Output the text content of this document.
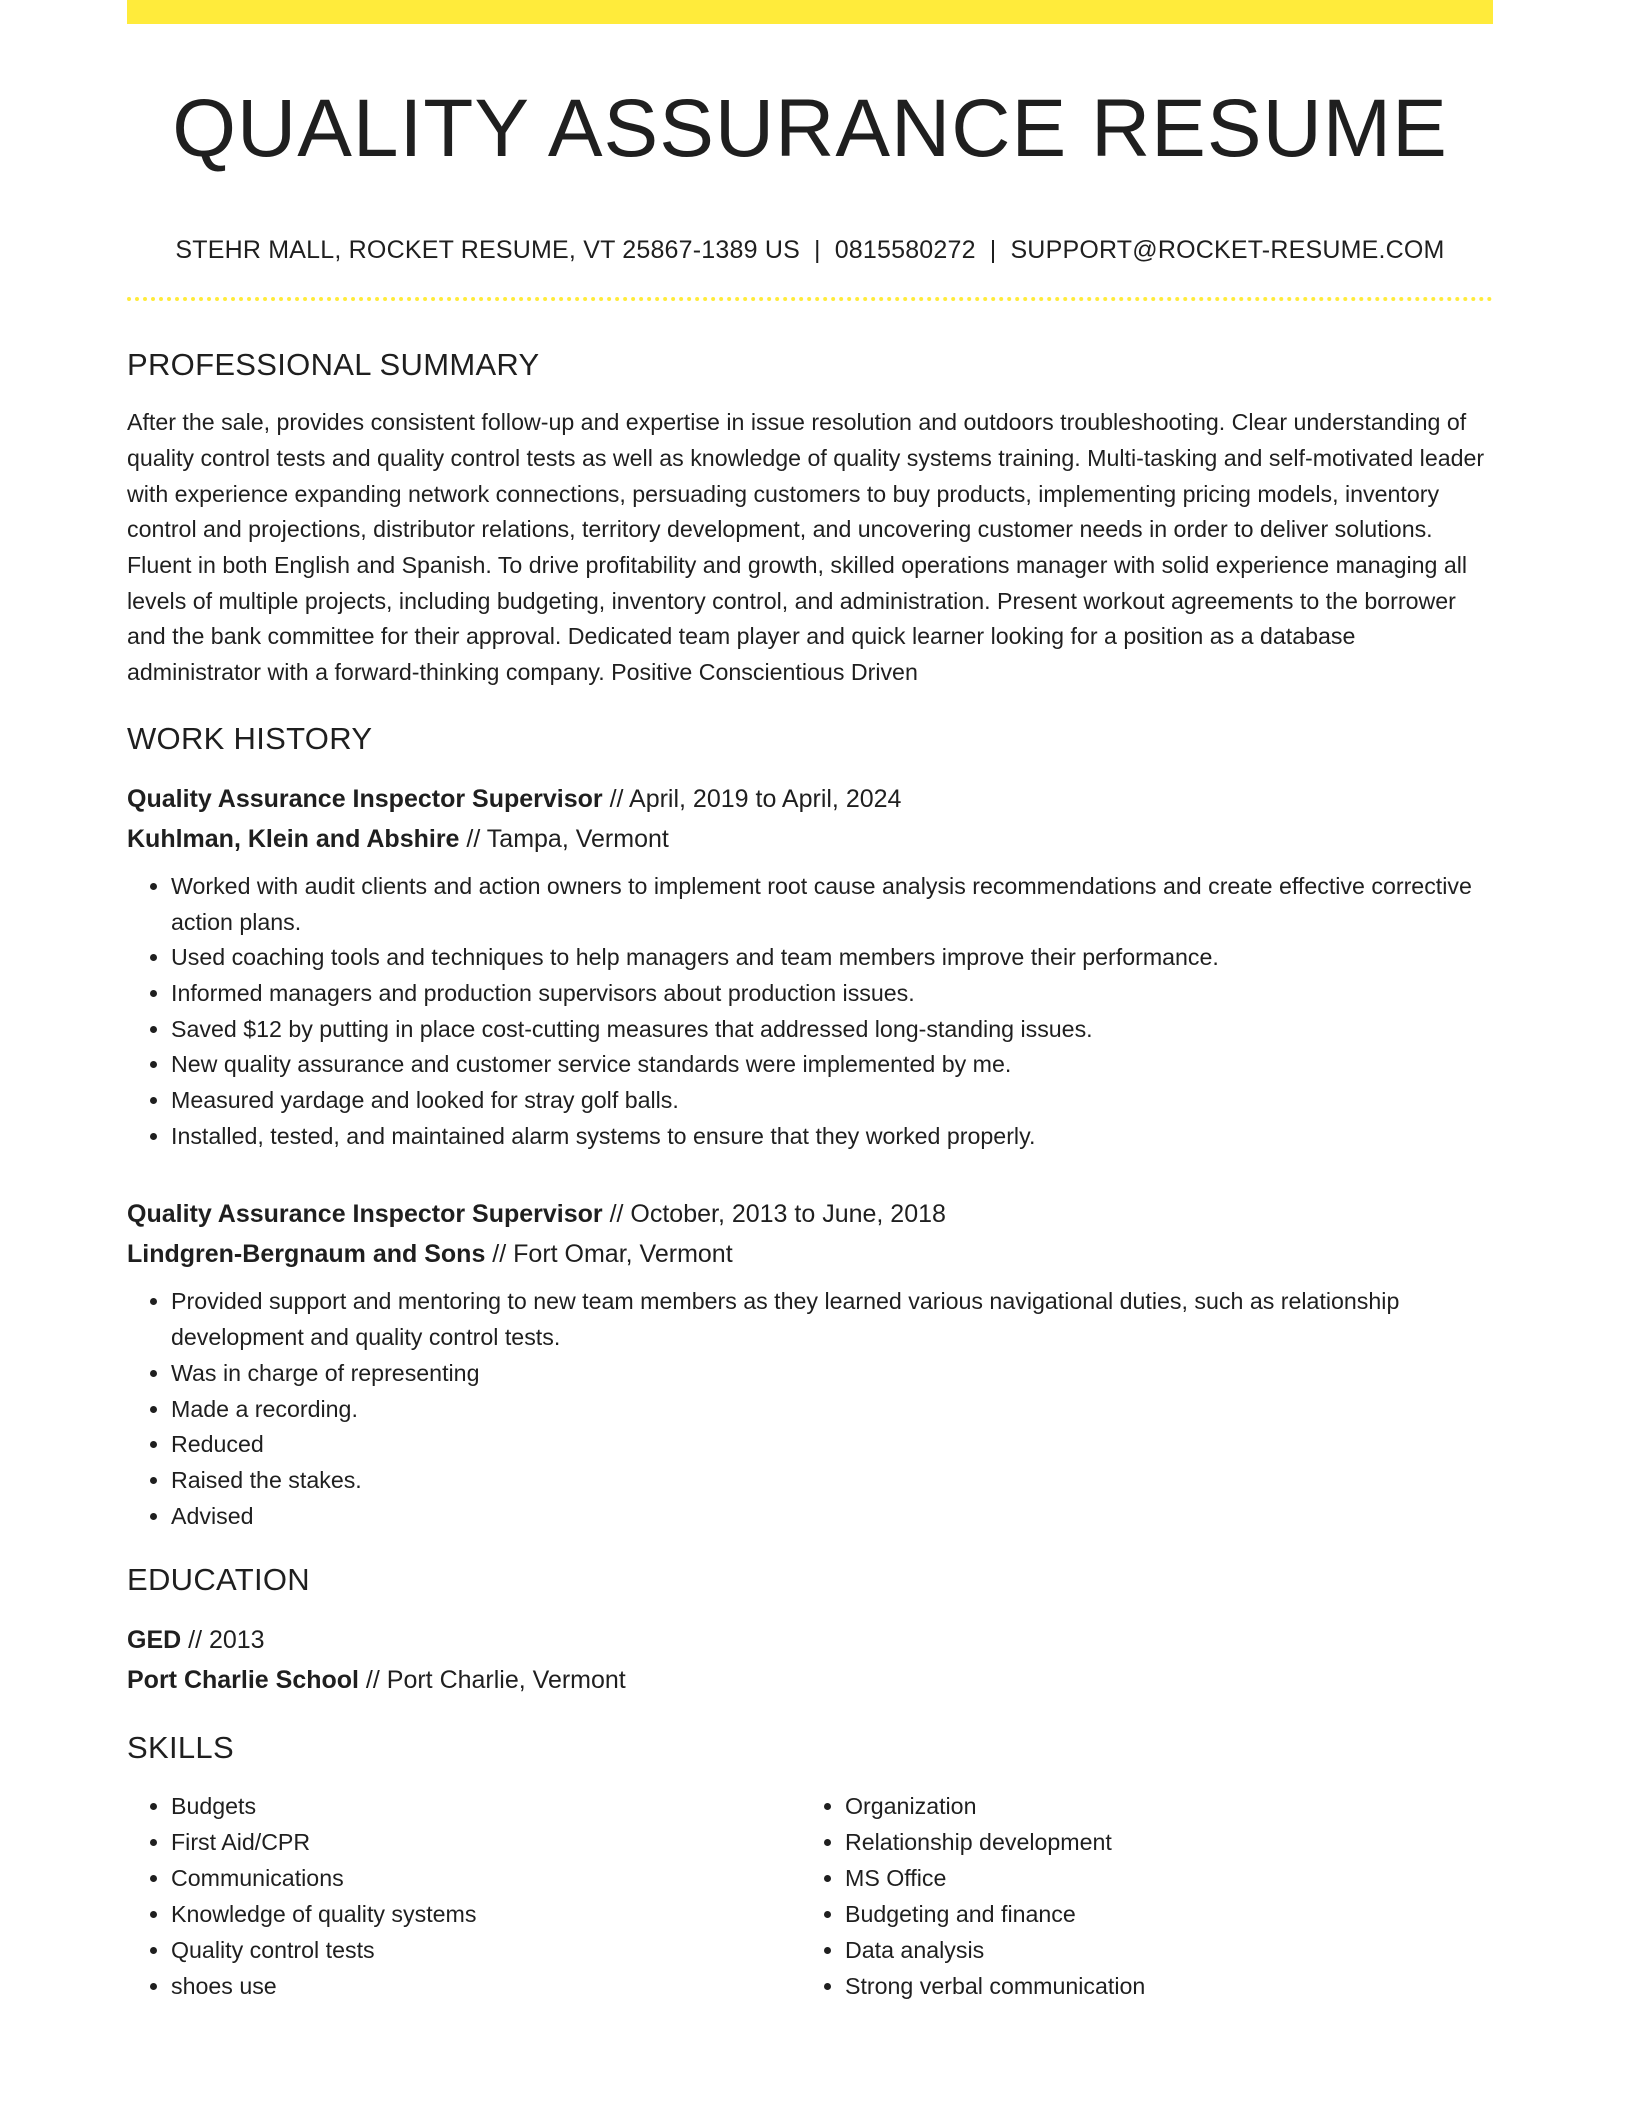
QUALITY ASSURANCE RESUME
STEHR MALL, ROCKET RESUME, VT 25867-1389 US | 0815580272 | SUPPORT@ROCKET-RESUME.COM
PROFESSIONAL SUMMARY
After the sale, provides consistent follow-up and expertise in issue resolution and outdoors troubleshooting. Clear understanding of quality control tests and quality control tests as well as knowledge of quality systems training. Multi-tasking and self-motivated leader with experience expanding network connections, persuading customers to buy products, implementing pricing models, inventory control and projections, distributor relations, territory development, and uncovering customer needs in order to deliver solutions. Fluent in both English and Spanish. To drive profitability and growth, skilled operations manager with solid experience managing all levels of multiple projects, including budgeting, inventory control, and administration. Present workout agreements to the borrower and the bank committee for their approval. Dedicated team player and quick learner looking for a position as a database administrator with a forward-thinking company. Positive Conscientious Driven
WORK HISTORY
Quality Assurance Inspector Supervisor // April, 2019 to April, 2024
Kuhlman, Klein and Abshire // Tampa, Vermont
• Worked with audit clients and action owners to implement root cause analysis recommendations and create effective corrective action plans.
• Used coaching tools and techniques to help managers and team members improve their performance.
• Informed managers and production supervisors about production issues.
• Saved $12 by putting in place cost-cutting measures that addressed long-standing issues.
• New quality assurance and customer service standards were implemented by me.
• Measured yardage and looked for stray golf balls.
• Installed, tested, and maintained alarm systems to ensure that they worked properly.
Quality Assurance Inspector Supervisor // October, 2013 to June, 2018
Lindgren-Bergnaum and Sons // Fort Omar, Vermont
• Provided support and mentoring to new team members as they learned various navigational duties, such as relationship development and quality control tests.
• Was in charge of representing
• Made a recording.
• Reduced
• Raised the stakes.
• Advised
EDUCATION
GED // 2013
Port Charlie School // Port Charlie, Vermont
SKILLS
• Budgets
• First Aid/CPR
• Communications
• Knowledge of quality systems
• Quality control tests
• shoes use
• Organization
• Relationship development
• MS Office
• Budgeting and finance
• Data analysis
• Strong verbal communication
